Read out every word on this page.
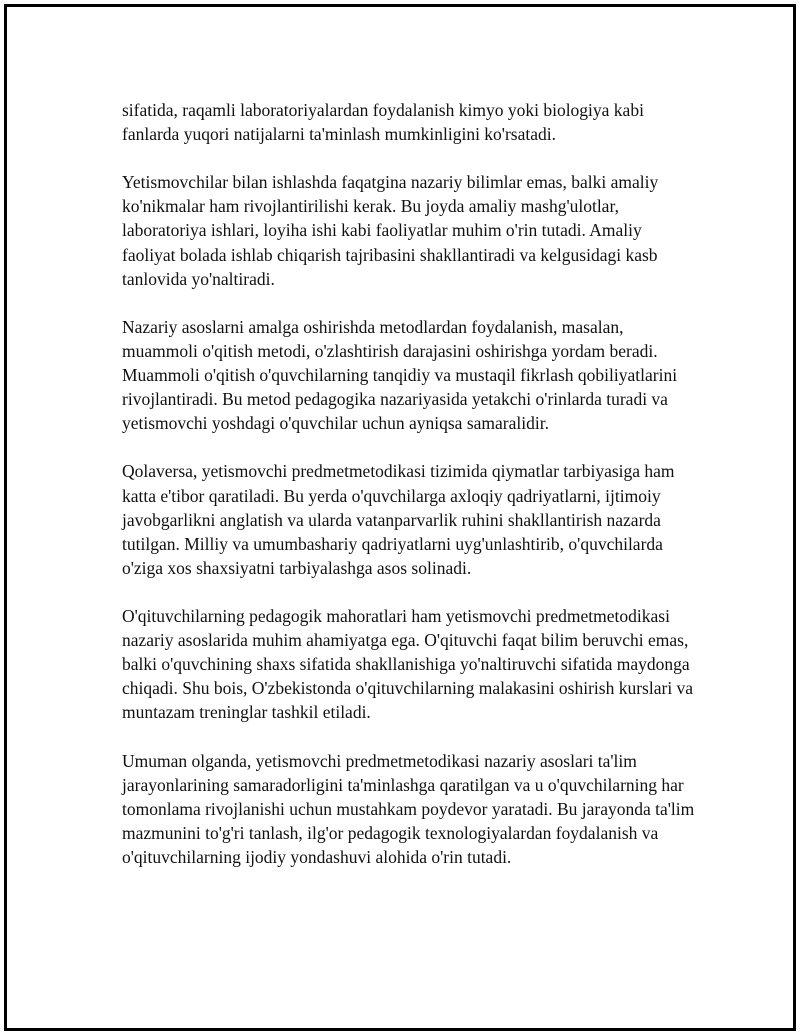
sifatida, raqamli laboratoriyalardan foydalanish kimyo yoki biologiya kabi fanlarda yuqori natijalarni ta'minlash mumkinligini ko'rsatadi.

Yetismovchilar bilan ishlashda faqatgina nazariy bilimlar emas, balki amaliy ko'nikmalar ham rivojlantirilishi kerak. Bu joyda amaliy mashg'ulotlar, laboratoriya ishlari, loyiha ishi kabi faoliyatlar muhim o'rin tutadi. Amaliy faoliyat bolada ishlab chiqarish tajribasini shakllantiradi va kelgusidagi kasb tanlovida yo'naltiradi.

Nazariy asoslarni amalga oshirishda metodlardan foydalanish, masalan, muammoli o'qitish metodi, o'zlashtirish darajasini oshirishga yordam beradi. Muammoli o'qitish o'quvchilarning tanqidiy va mustaqil fikrlash qobiliyatlarini rivojlantiradi. Bu metod pedagogika nazariyasida yetakchi o'rinlarda turadi va yetismovchi yoshdagi o'quvchilar uchun ayniqsa samaralidir.

Qolaversa, yetismovchi predmetmetodikasi tizimida qiymatlar tarbiyasiga ham katta e'tibor qaratiladi. Bu yerda o'quvchilarga axloqiy qadriyatlarni, ijtimoiy javobgarlikni anglatish va ularda vatanparvarlik ruhini shakllantirish nazarda tutilgan. Milliy va umumbashariy qadriyatlarni uyg'unlashtirib, o'quvchilarda o'ziga xos shaxsiyatni tarbiyalashga asos solinadi.

O'qituvchilarning pedagogik mahoratlari ham yetismovchi predmetmetodikasi nazariy asoslarida muhim ahamiyatga ega. O'qituvchi faqat bilim beruvchi emas, balki o'quvchining shaxs sifatida shakllanishiga yo'naltiruvchi sifatida maydonga chiqadi. Shu bois, O'zbekistonda o'qituvchilarning malakasini oshirish kurslari va muntazam treninglar tashkil etiladi.

Umuman olganda, yetismovchi predmetmetodikasi nazariy asoslari ta'lim jarayonlarining samaradorligini ta'minlashga qaratilgan va u o'quvchilarning har tomonlama rivojlanishi uchun mustahkam poydevor yaratadi. Bu jarayonda ta'lim mazmunini to'g'ri tanlash, ilg'or pedagogik texnologiyalardan foydalanish va o'qituvchilarning ijodiy yondashuvi alohida o'rin tutadi.
